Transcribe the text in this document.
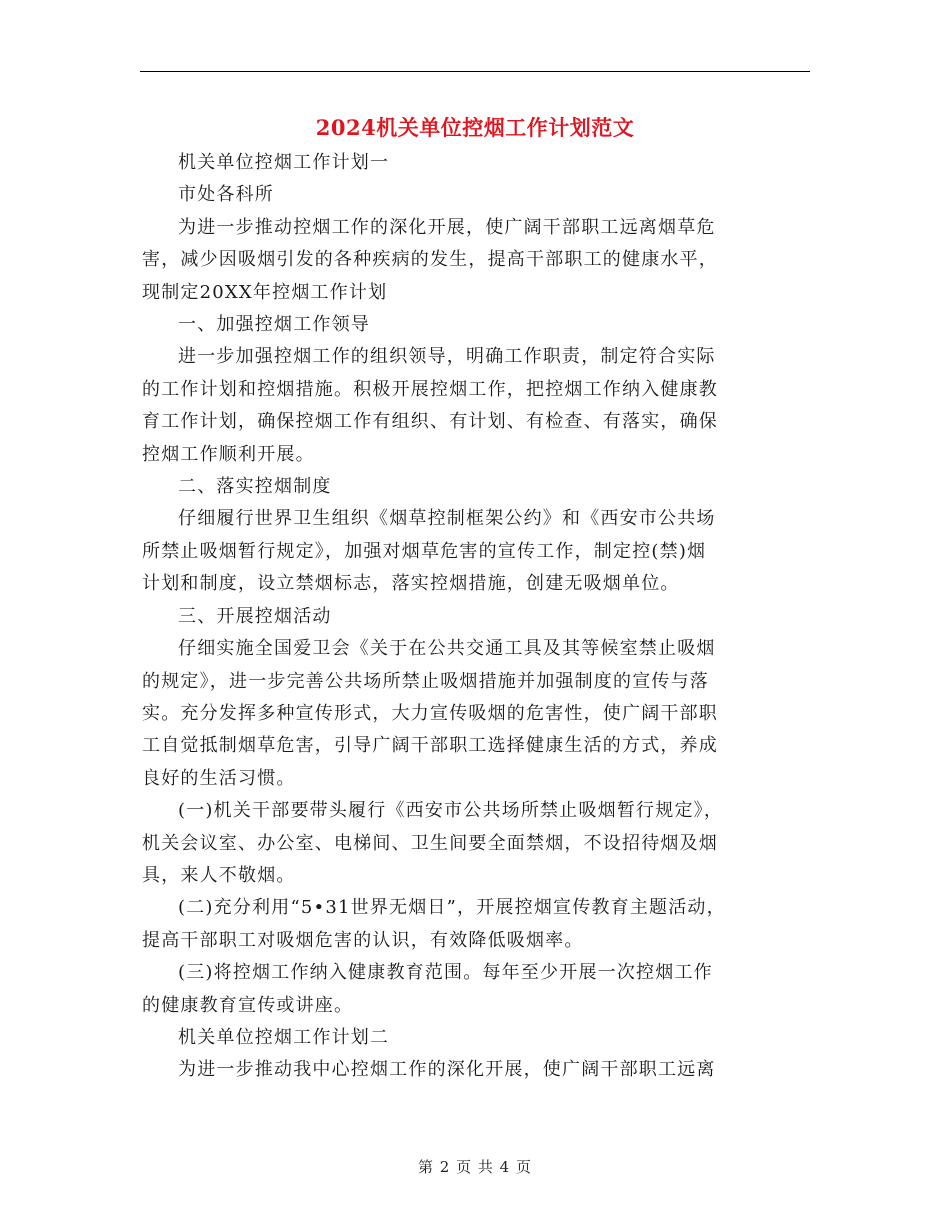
2024机关单位控烟工作计划范文

机关单位控烟工作计划一

市处各科所

为进一步推动控烟工作的深化开展，使广阔干部职工远离烟草危
害，减少因吸烟引发的各种疾病的发生，提高干部职工的健康水平，
现制定20XX年控烟工作计划

一、加强控烟工作领导

进一步加强控烟工作的组织领导，明确工作职责，制定符合实际
的工作计划和控烟措施。积极开展控烟工作，把控烟工作纳入健康教
育工作计划，确保控烟工作有组织、有计划、有检查、有落实，确保
控烟工作顺利开展。

二、落实控烟制度

仔细履行世界卫生组织《烟草控制框架公约》和《西安市公共场
所禁止吸烟暂行规定》，加强对烟草危害的宣传工作，制定控(禁)烟
计划和制度，设立禁烟标志，落实控烟措施，创建无吸烟单位。

三、开展控烟活动

仔细实施全国爱卫会《关于在公共交通工具及其等候室禁止吸烟
的规定》，进一步完善公共场所禁止吸烟措施并加强制度的宣传与落
实。充分发挥多种宣传形式，大力宣传吸烟的危害性，使广阔干部职
工自觉抵制烟草危害，引导广阔干部职工选择健康生活的方式，养成
良好的生活习惯。

(一)机关干部要带头履行《西安市公共场所禁止吸烟暂行规定》，
机关会议室、办公室、电梯间、卫生间要全面禁烟，不设招待烟及烟
具，来人不敬烟。

(二)充分利用“5•31世界无烟日”，开展控烟宣传教育主题活动，
提高干部职工对吸烟危害的认识，有效降低吸烟率。

(三)将控烟工作纳入健康教育范围。每年至少开展一次控烟工作
的健康教育宣传或讲座。

机关单位控烟工作计划二

为进一步推动我中心控烟工作的深化开展，使广阔干部职工远离

第 2 页 共 4 页
